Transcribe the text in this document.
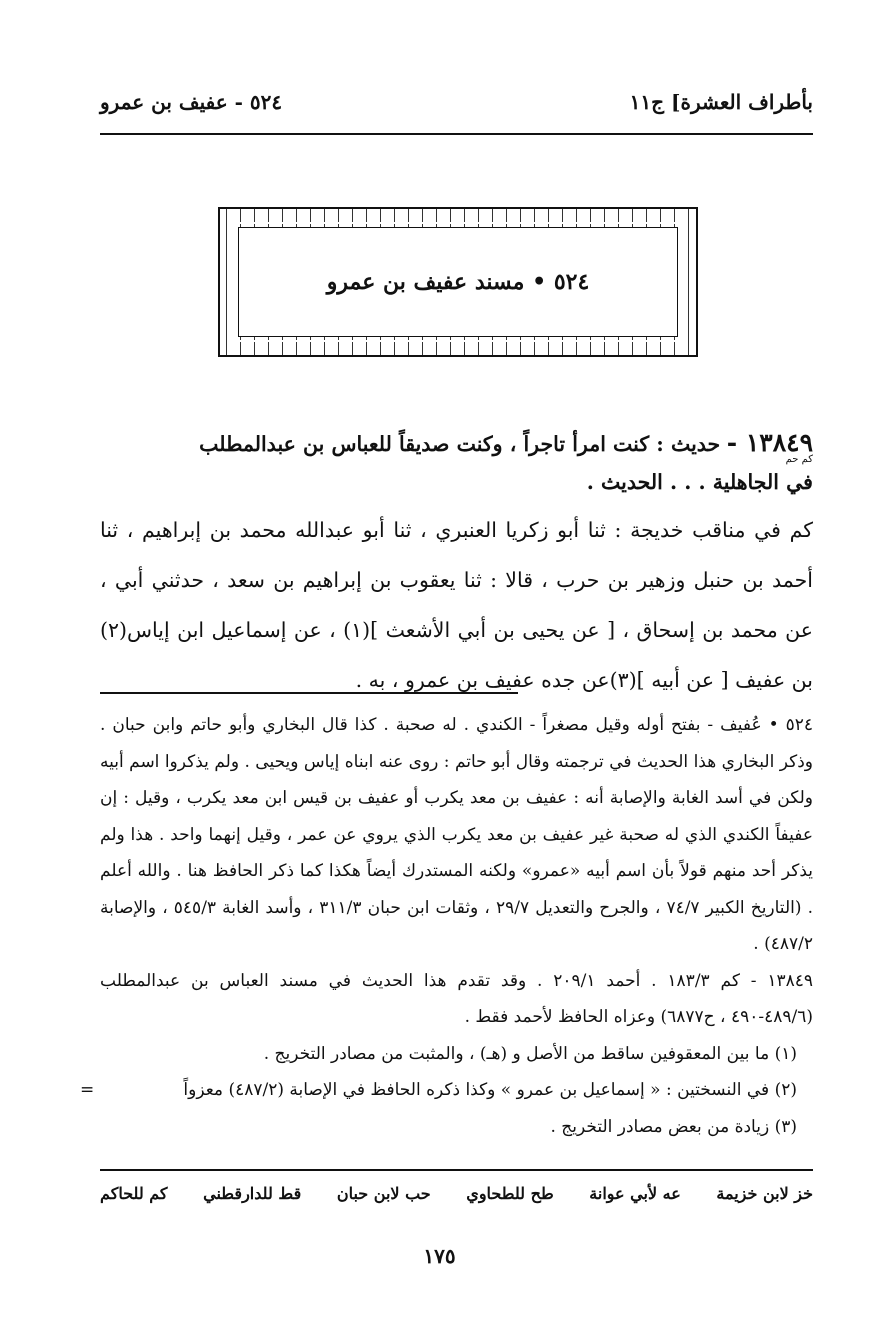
بأطراف العشرة] ج١١
٥٢٤ - عفيف بن عمرو
٥٢٤ • مسند عفيف بن عمرو

١٣٨٤٩ - حديث : كنت امرأ تاجراً ، وكنت صديقاً للعباس بن عبدالمطلب

كم حم

في الجاهلية . . . الحديث .

كم في مناقب خديجة : ثنا أبو زكريا العنبري ، ثنا أبو عبدالله محمد بن إبراهيم ، ثنا أحمد بن حنبل وزهير بن حرب ، قالا : ثنا يعقوب بن إبراهيم بن سعد ، حدثني أبي ، عن محمد بن إسحاق ، [ عن يحيى بن أبي الأشعث ](١) ، عن إسماعيل ابن إياس(٢) بن عفيف [ عن أبيه ](٣)عن جده عفيف بن عمرو ، به .

٥٢٤ • عُفيف - بفتح أوله وقيل مصغراً - الكندي . له صحبة . كذا قال البخاري وأبو حاتم وابن حبان . وذكر البخاري هذا الحديث في ترجمته وقال أبو حاتم : روى عنه ابناه إياس ويحيى . ولم يذكروا اسم أبيه ولكن في أسد الغابة والإصابة أنه : عفيف بن معد يكرب أو عفيف بن قيس ابن معد يكرب ، وقيل : إن عفيفاً الكندي الذي له صحبة غير عفيف بن معد يكرب الذي يروي عن عمر ، وقيل إنهما واحد . هذا ولم يذكر أحد منهم قولاً بأن اسم أبيه «عمرو» ولكنه المستدرك أيضاً هكذا كما ذكر الحافظ هنا . والله أعلم . (التاريخ الكبير ٧٤/٧ ، والجرح والتعديل ٢٩/٧ ، وثقات ابن حبان ٣١١/٣ ، وأسد الغابة ٥٤٥/٣ ، والإصابة ٤٨٧/٢) .

١٣٨٤٩ - كم ١٨٣/٣ . أحمد ٢٠٩/١ . وقد تقدم هذا الحديث في مسند العباس بن عبدالمطلب (٤٨٩/٦-٤٩٠ ، ح٦٨٧٧) وعزاه الحافظ لأحمد فقط .

(١) ما بين المعقوفين ساقط من الأصل و (هـ) ، والمثبت من مصادر التخريج .

(٢) في النسختين : « إسماعيل بن عمرو » وكذا ذكره الحافظ في الإصابة (٤٨٧/٢) معزواً
=

(٣) زيادة من بعض مصادر التخريج .

خز لابن خزيمة
عه لأبي عوانة
طح للطحاوي
حب لابن حبان
قط للدارقطني
كم للحاكم
١٧٥
